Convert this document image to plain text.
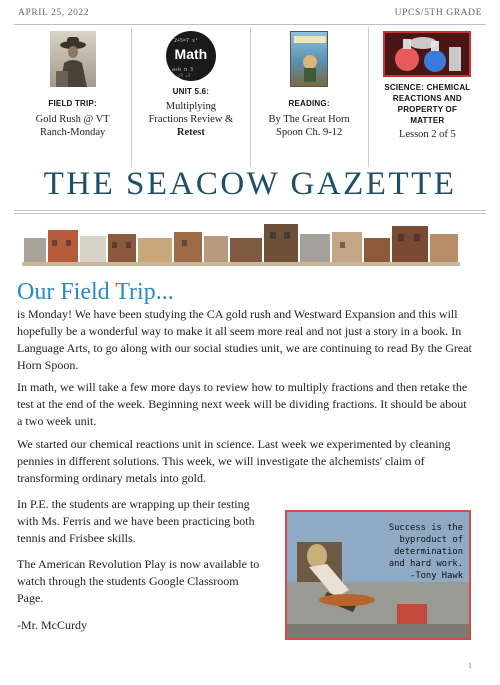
APRIL 25, 2022	UPCS/5TH GRADE
FIELD TRIP:
Gold Rush @ VT
Ranch-Monday
2+5=7 x²
a÷b π 3
√9 =3
Math
UNIT 5.6:
Multiplying
Fractions Review &
Retest
READING:
By The Great Horn
Spoon Ch. 9-12
SCIENCE: CHEMICAL
REACTIONS AND
PROPERTY OF
MATTER
Lesson 2 of 5
THE SEACOW GAZETTE
Our Field Trip...

is Monday! We have been studying the CA gold rush and Westward Expansion and this will hopefully be a wonderful way to make it all seem more real and not just a story in a book. In Language Arts, to go along with our social studies unit, we are continuing to read By the Great Horn Spoon.

In math, we will take a few more days to review how to multiply fractions and then retake the test at the end of the week. Beginning next week will be dividing fractions. It should be about a two week unit.

We started our chemical reactions unit in science. Last week we experimented by cleaning pennies in different solutions. This week, we will investigate the alchemists' claim of transforming ordinary metals into gold.

In P.E. the students are wrapping up their testing with Ms. Ferris and we have been practicing both tennis and Frisbee skills.

The American Revolution Play is now available to watch through the students Google Classroom Page.

-Mr. McCurdy

Success is the
byproduct of
determination
and hard work.
-Tony Hawk
1
